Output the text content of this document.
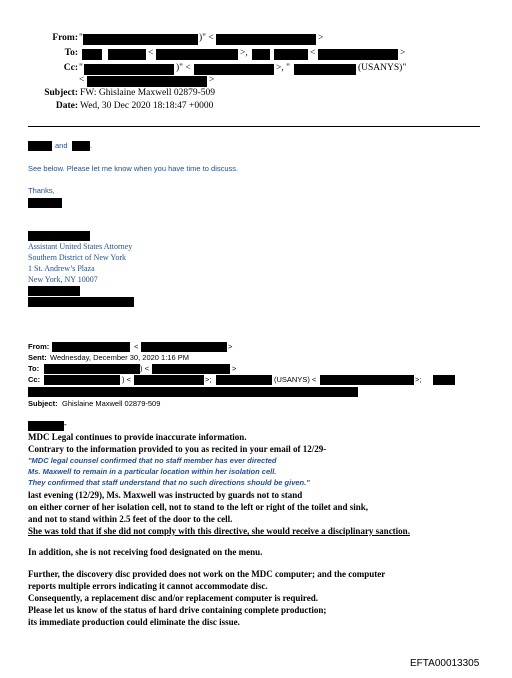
From: "	)" <	>
To:	<	>,	<	>
Cc: "	)" <	>, "	(USANYS)"
<	>
Subject: FW: Ghislaine Maxwell 02879-509
Date: Wed, 30 Dec 2020 18:18:47 +0000
and	.
See below. Please let me know when you have time to discuss.
Thanks,
Assistant United States Attorney
Southern District of New York
1 St. Andrew’s Plaza
New York, NY 10007
From:	<	>
Sent: Wednesday, December 30, 2020 1:16 PM
To:	) <	>
Cc:	) <	>;	(USANYS) <	>;
Subject: Ghislaine Maxwell 02879-509
-
MDC Legal continues to provide inaccurate information.
Contrary to the information provided to you as recited in your email of 12/29-
"MDC legal counsel confirmed that no staff member has ever directed
Ms. Maxwell to remain in a particular location within her isolation cell.
They confirmed that staff understand that no such directions should be given."
last evening (12/29), Ms. Maxwell was instructed by guards not to stand
on either corner of her isolation cell, not to stand to the left or right of the toilet and sink,
and not to stand within 2.5 feet of the door to the cell.
She was told that if she did not comply with this directive, she would receive a disciplinary sanction.
In addition, she is not receiving food designated on the menu.
Further, the discovery disc provided does not work on the MDC computer; and the computer
reports multiple errors indicating it cannot accommodate disc.
Consequently, a replacement disc and/or replacement computer is required.
Please let us know of the status of hard drive containing complete production;
its immediate production could eliminate the disc issue.
EFTA00013305
